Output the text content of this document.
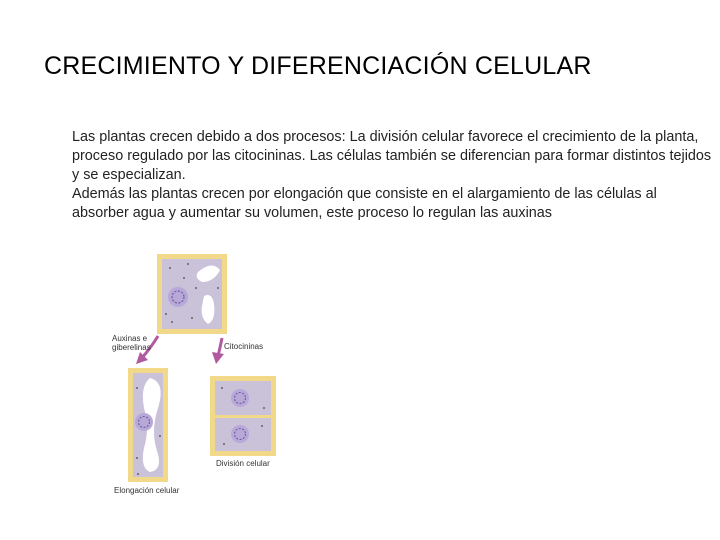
CRECIMIENTO Y DIFERENCIACIÓN CELULAR

Las plantas crecen debido a dos procesos: La división celular favorece el crecimiento de la planta, proceso regulado por las citocininas. Las células también se diferencian para formar distintos tejidos y se especializan.

Además las plantas crecen por elongación que consiste en el alargamiento de las células al absorber agua y aumentar su volumen, este proceso lo regulan las auxinas

Auxinas e
giberelinas	Citocininas
División celular
Elongación celular
